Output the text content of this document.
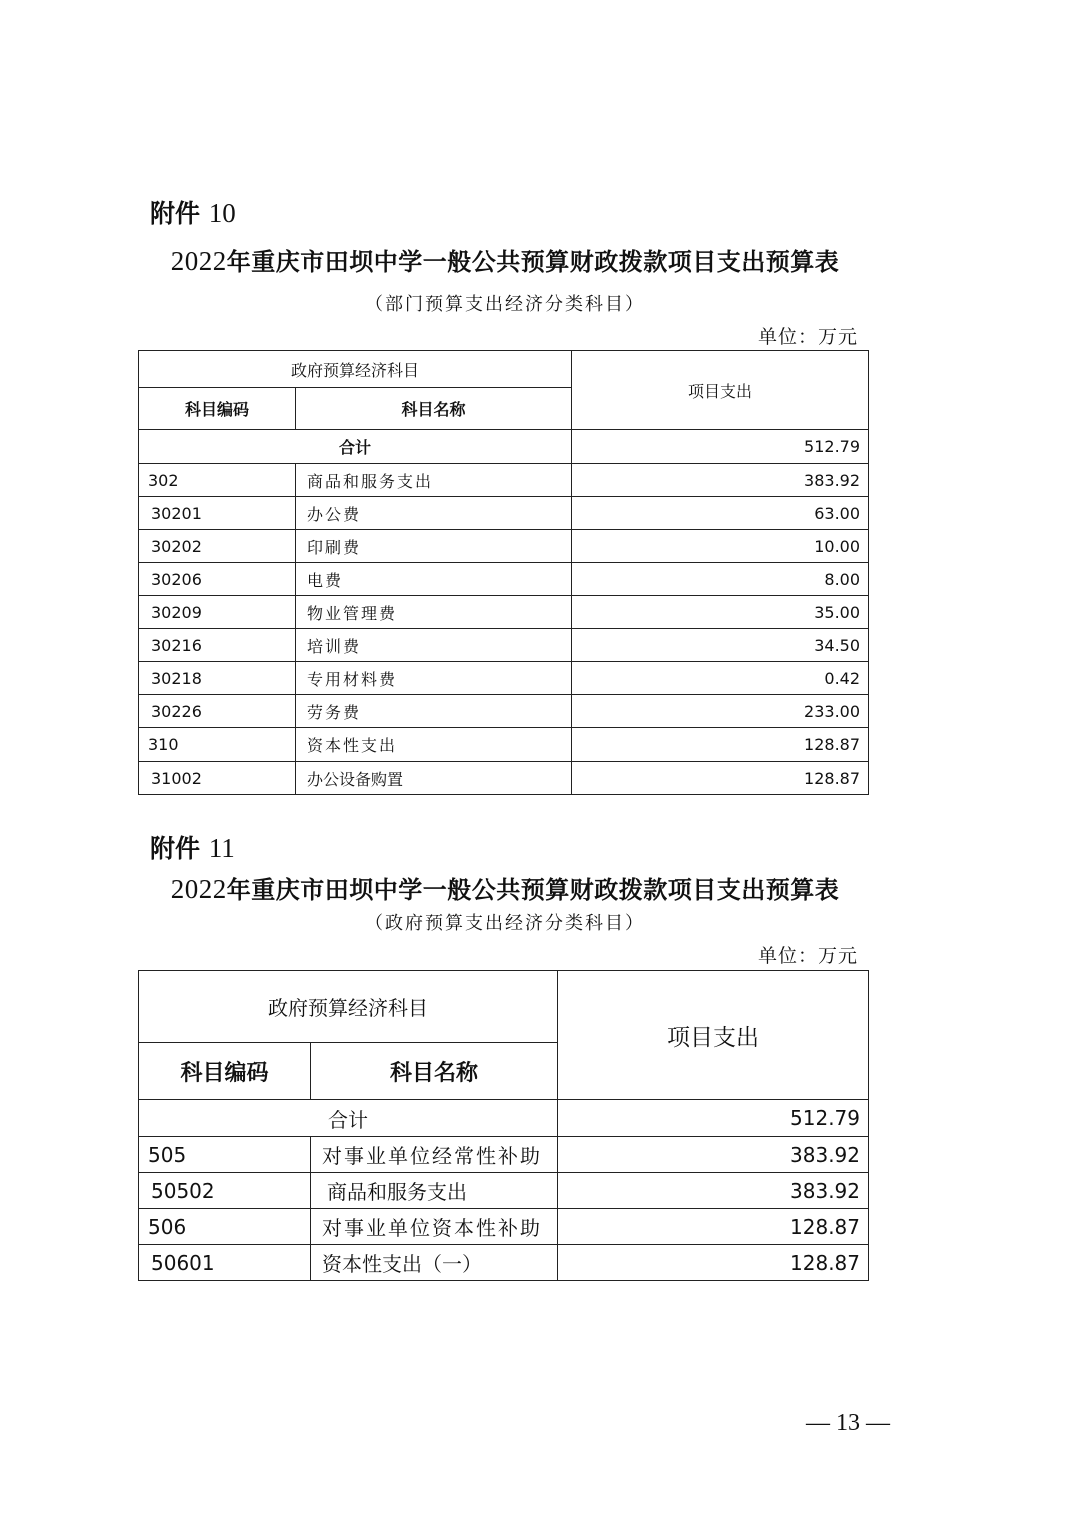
附件 10
2022年重庆市田坝中学一般公共预算财政拨款项目支出预算表
（部门预算支出经济分类科目）
单位：万元
政府预算经济科目		项目支出
科目编码	科目名称	
合计		512.79
302	商品和服务支出	383.92
30201	办公费	63.00
30202	印刷费	10.00
30206	电费	8.00
30209	物业管理费	35.00
30216	培训费	34.50
30218	专用材料费	0.42
30226	劳务费	233.00
310	资本性支出	128.87
31002	办公设备购置	128.87
附件 11
2022年重庆市田坝中学一般公共预算财政拨款项目支出预算表
（政府预算支出经济分类科目）
单位：万元
政府预算经济科目		项目支出
科目编码	科目名称	
合计		512.79
505	对事业单位经常性补助	383.92
50502	商品和服务支出	383.92
506	对事业单位资本性补助	128.87
50601	资本性支出（一）	128.87
— 13 —
